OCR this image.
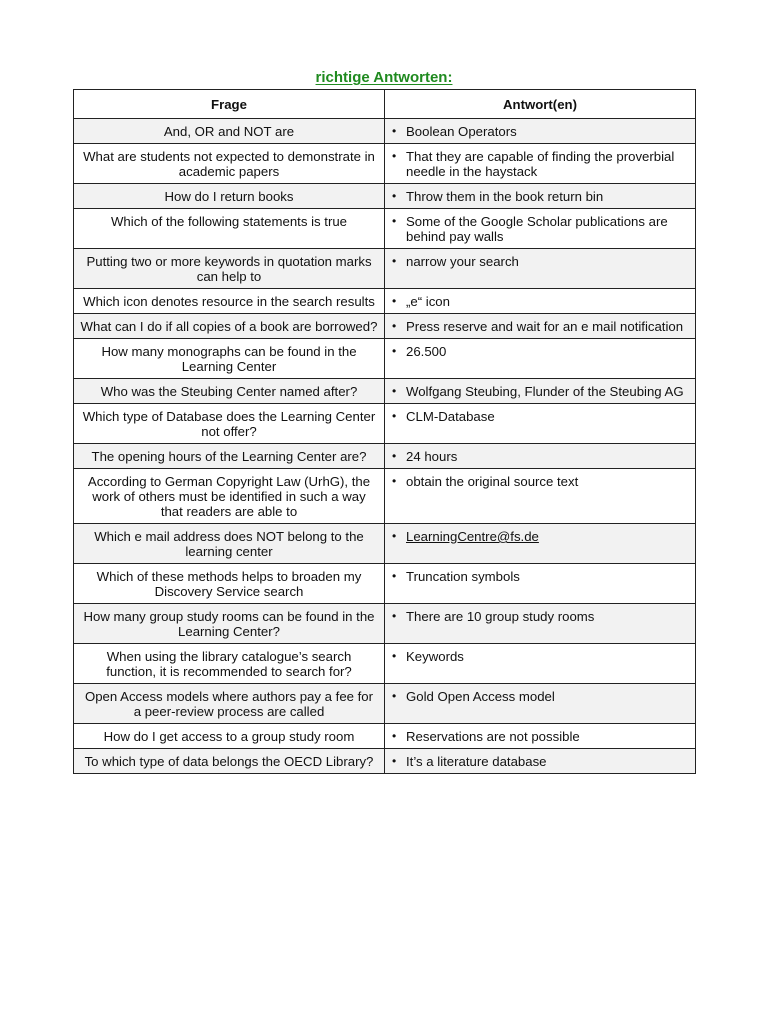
richtige Antworten:
Frage	Antwort(en)
And, OR and NOT are	• Boolean Operators

What are students not expected to demonstrate in academic papers	• That they are capable of finding the proverbial needle in the haystack

How do I return books	• Throw them in the book return bin

Which of the following statements is true	• Some of the Google Scholar publications are behind pay walls

Putting two or more keywords in quotation marks can help to	• narrow your search

Which icon denotes resource in the search results	• „e“ icon

What can I do if all copies of a book are borrowed?	• Press reserve and wait for an e mail notification

How many monographs can be found in the Learning Center	• 26.500

Who was the Steubing Center named after?	• Wolfgang Steubing, Flunder of the Steubing AG

Which type of Database does the Learning Center not offer?	• CLM-Database

The opening hours of the Learning Center are?	• 24 hours

According to German Copyright Law (UrhG), the work of others must be identified in such a way that readers are able to	• obtain the original source text

Which e mail address does NOT belong to the learning center	• LearningCentre@fs.de

Which of these methods helps to broaden my Discovery Service search	• Truncation symbols

How many group study rooms can be found in the Learning Center?	• There are 10 group study rooms

When using the library catalogue’s search function, it is recommended to search for?	• Keywords

Open Access models where authors pay a fee for a peer-review process are called	• Gold Open Access model

How do I get access to a group study room	• Reservations are not possible

To which type of data belongs the OECD Library?	• It’s a literature database
